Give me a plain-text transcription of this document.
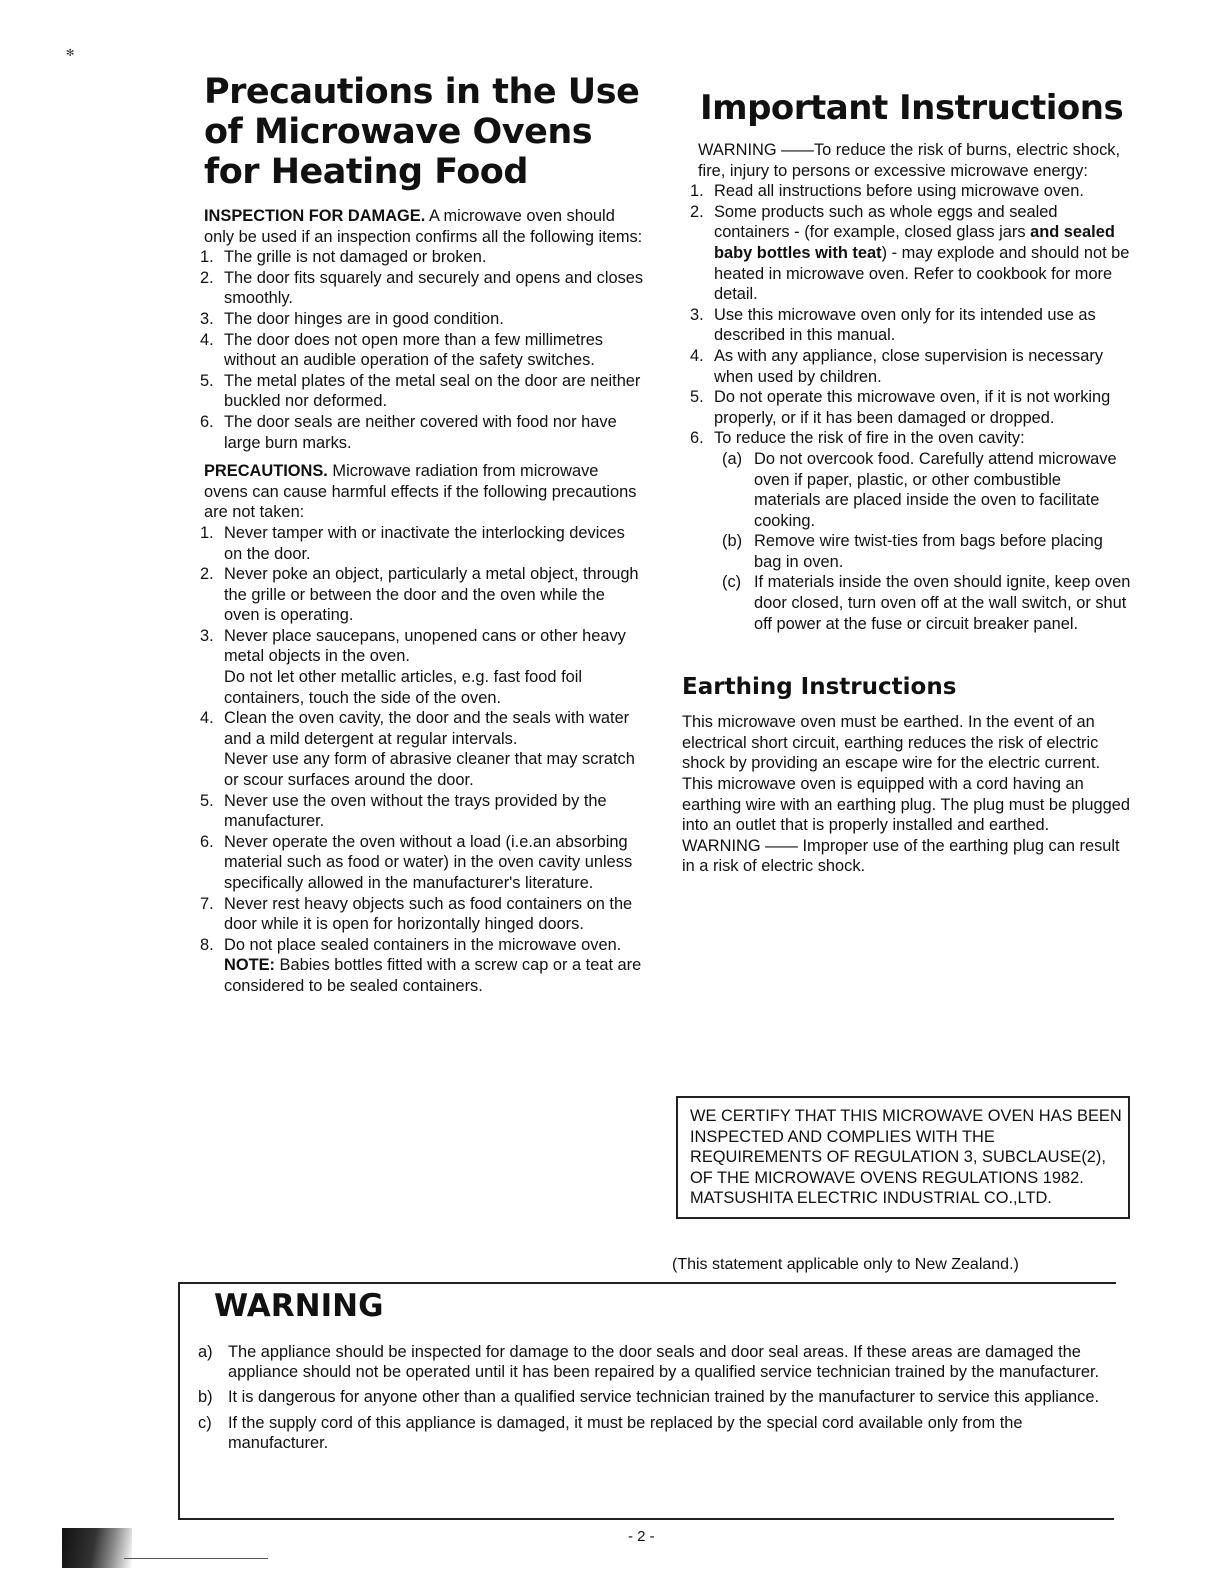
✻
Precautions in the Use of Microwave Ovens for Heating Food

INSPECTION FOR DAMAGE. A microwave oven should only be used if an inspection confirms all the following items:

1. The grille is not damaged or broken.
2. The door fits squarely and securely and opens and closes smoothly.
3. The door hinges are in good condition.
4. The door does not open more than a few millimetres without an audible operation of the safety switches.
5. The metal plates of the metal seal on the door are neither buckled nor deformed.
6. The door seals are neither covered with food nor have large burn marks.

PRECAUTIONS. Microwave radiation from microwave ovens can cause harmful effects if the following precautions are not taken:

1. Never tamper with or inactivate the interlocking devices on the door.
2. Never poke an object, particularly a metal object, through the grille or between the door and the oven while the oven is operating.
3. Never place saucepans, unopened cans or other heavy metal objects in the oven.
Do not let other metallic articles, e.g. fast food foil containers, touch the side of the oven.
4. Clean the oven cavity, the door and the seals with water and a mild detergent at regular intervals.
Never use any form of abrasive cleaner that may scratch or scour surfaces around the door.
5. Never use the oven without the trays provided by the manufacturer.
6. Never operate the oven without a load (i.e.an absorbing material such as food or water) in the oven cavity unless specifically allowed in the manufacturer's literature.
7. Never rest heavy objects such as food containers on the door while it is open for horizontally hinged doors.
8. Do not place sealed containers in the microwave oven.
NOTE: Babies bottles fitted with a screw cap or a teat are considered to be sealed containers.
Important Instructions

WARNING ——To reduce the risk of burns, electric shock, fire, injury to persons or excessive microwave energy:

1. Read all instructions before using microwave oven.
2. Some products such as whole eggs and sealed containers - (for example, closed glass jars and sealed baby bottles with teat) - may explode and should not be heated in microwave oven. Refer to cookbook for more detail.
3. Use this microwave oven only for its intended use as described in this manual.
4. As with any appliance, close supervision is necessary when used by children.
5. Do not operate this microwave oven, if it is not working properly, or if it has been damaged or dropped.
6. To reduce the risk of fire in the oven cavity:
(a) Do not overcook food. Carefully attend microwave oven if paper, plastic, or other combustible materials are placed inside the oven to facilitate cooking.
(b) Remove wire twist-ties from bags before placing bag in oven.
(c) If materials inside the oven should ignite, keep oven door closed, turn oven off at the wall switch, or shut off power at the fuse or circuit breaker panel.
Earthing Instructions

This microwave oven must be earthed. In the event of an electrical short circuit, earthing reduces the risk of electric shock by providing an escape wire for the electric current. This microwave oven is equipped with a cord having an earthing wire with an earthing plug. The plug must be plugged into an outlet that is properly installed and earthed.

WARNING —— Improper use of the earthing plug can result in a risk of electric shock.

WE CERTIFY THAT THIS MICROWAVE OVEN HAS BEEN INSPECTED AND COMPLIES WITH THE REQUIREMENTS OF REGULATION 3, SUBCLAUSE(2), OF THE MICROWAVE OVENS REGULATIONS 1982.

MATSUSHITA ELECTRIC INDUSTRIAL CO.,LTD.

(This statement applicable only to New Zealand.)
WARNING
a) The appliance should be inspected for damage to the door seals and door seal areas. If these areas are damaged the appliance should not be operated until it has been repaired by a qualified service technician trained by the manufacturer.
b) It is dangerous for anyone other than a qualified service technician trained by the manufacturer to service this appliance.
c) If the supply cord of this appliance is damaged, it must be replaced by the special cord available only from the manufacturer.
- 2 -
